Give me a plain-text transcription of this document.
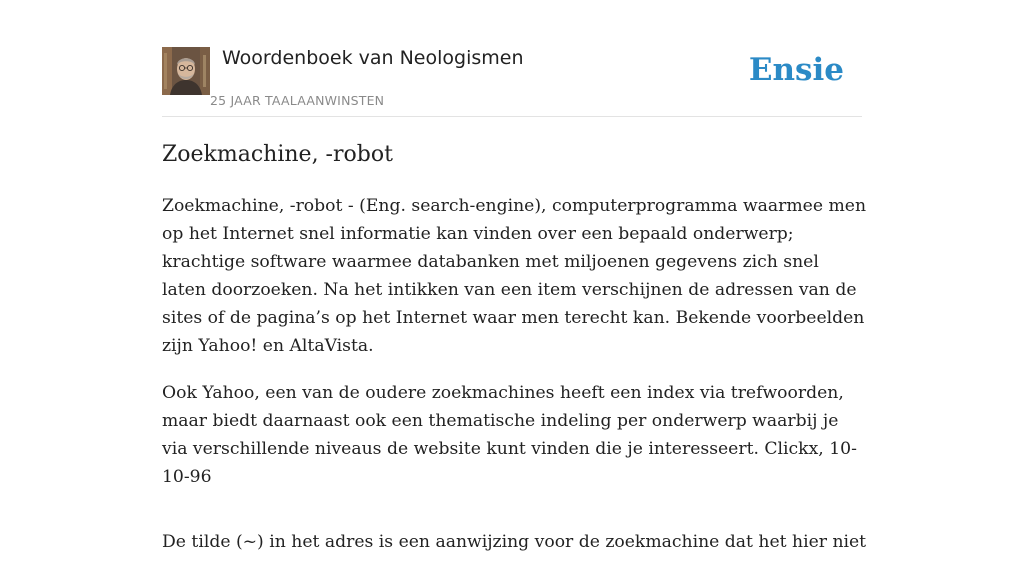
Woordenboek van Neologismen
25 JAAR TAALAANWINSTEN
Ensie
Zoekmachine, -robot

Zoekmachine, -robot - (Eng. search-engine), computerprogramma waarmee men op het Internet snel informatie kan vinden over een bepaald onderwerp; krachtige software waarmee databanken met miljoenen gegevens zich snel laten doorzoeken. Na het intikken van een item verschijnen de adressen van de sites of de pagina’s op het Internet waar men terecht kan. Bekende voorbeelden zijn Yahoo! en AltaVista.

Ook Yahoo, een van de oudere zoekmachines heeft een index via trefwoorden, maar biedt daarnaast ook een thematische indeling per onderwerp waarbij je via verschillende niveaus de website kunt vinden die je interesseert. Clickx, 10-10-96

De tilde (~) in het adres is een aanwijzing voor de zoekmachine dat het hier niet
